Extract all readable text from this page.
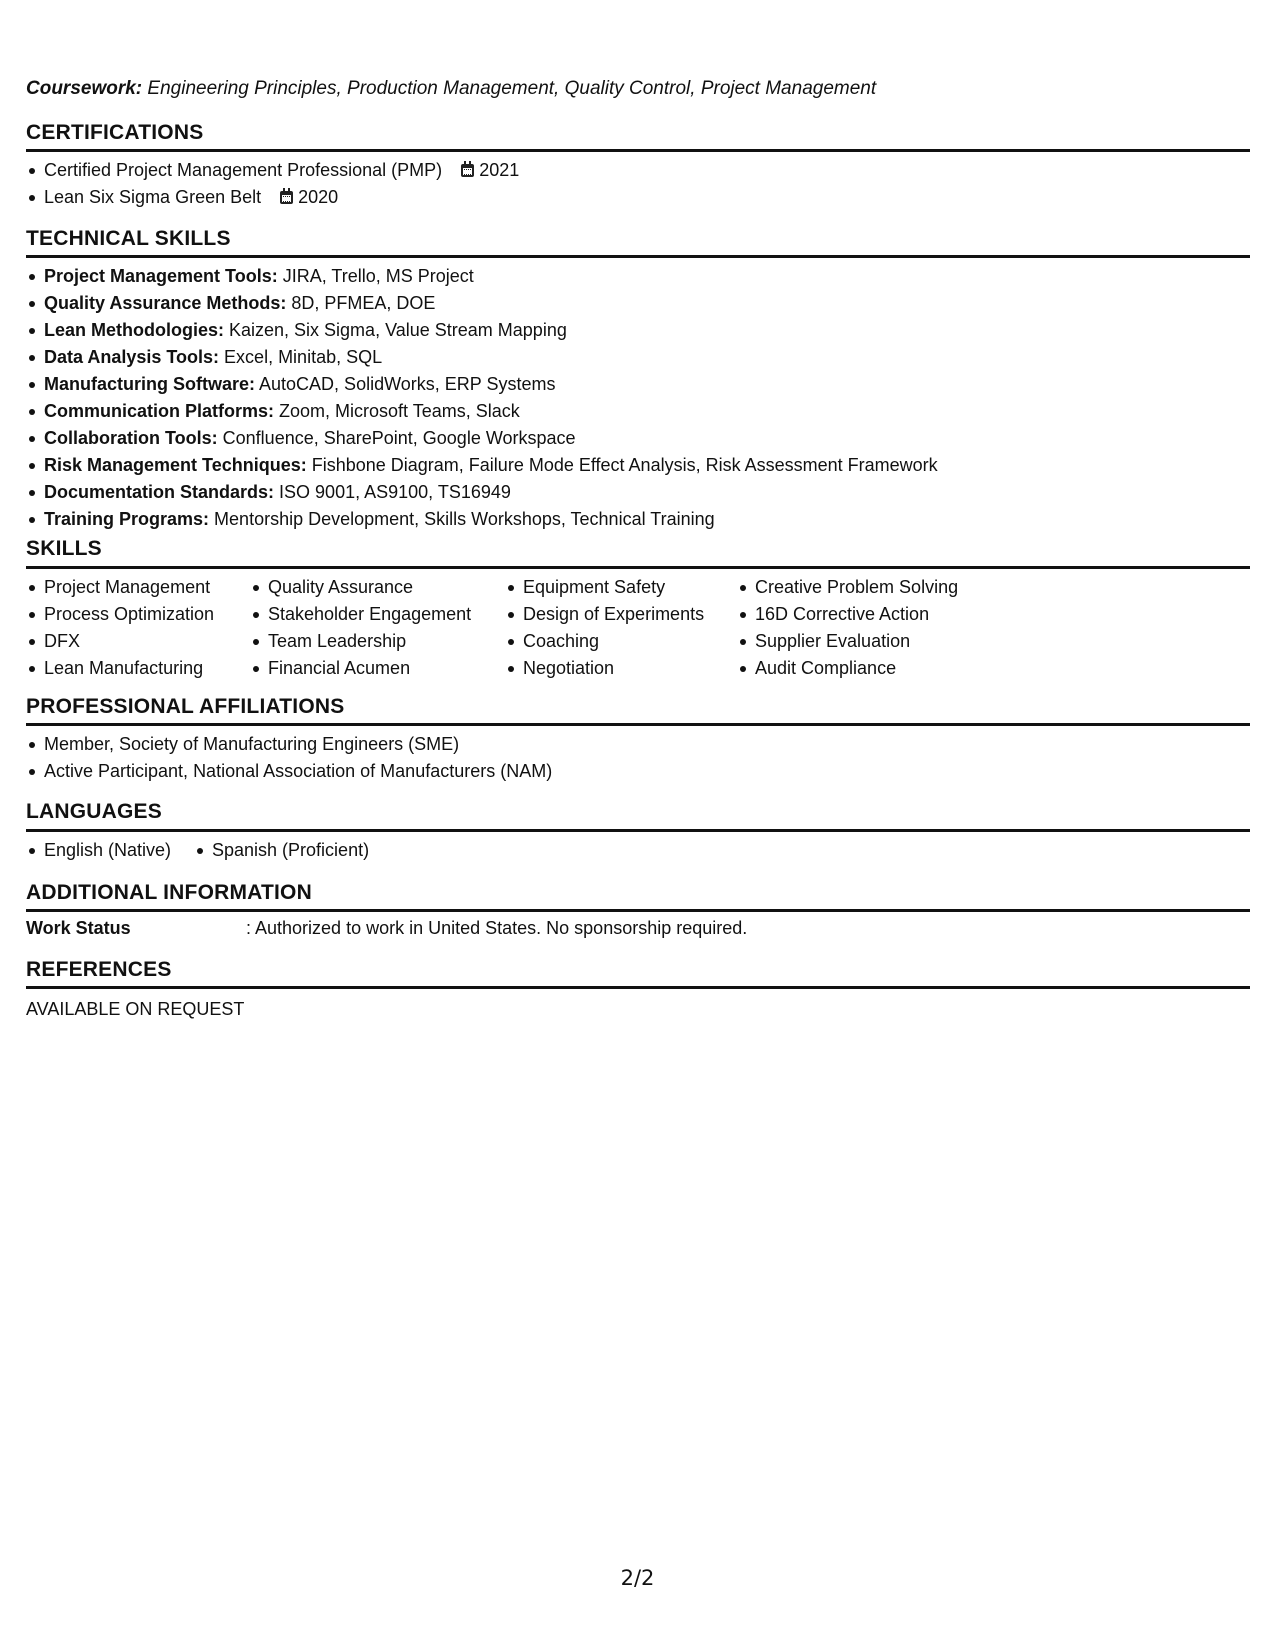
Coursework: Engineering Principles, Production Management, Quality Control, Project Management
CERTIFICATIONS
Certified Project Management Professional (PMP) 2021
Lean Six Sigma Green Belt 2020
TECHNICAL SKILLS
Project Management Tools: JIRA, Trello, MS Project
Quality Assurance Methods: 8D, PFMEA, DOE
Lean Methodologies: Kaizen, Six Sigma, Value Stream Mapping
Data Analysis Tools: Excel, Minitab, SQL
Manufacturing Software: AutoCAD, SolidWorks, ERP Systems
Communication Platforms: Zoom, Microsoft Teams, Slack
Collaboration Tools: Confluence, SharePoint, Google Workspace
Risk Management Techniques: Fishbone Diagram, Failure Mode Effect Analysis, Risk Assessment Framework
Documentation Standards: ISO 9001, AS9100, TS16949
Training Programs: Mentorship Development, Skills Workshops, Technical Training
SKILLS
Project Management
Process Optimization
DFX
Lean Manufacturing
Quality Assurance
Stakeholder Engagement
Team Leadership
Financial Acumen
Equipment Safety
Design of Experiments
Coaching
Negotiation
Creative Problem Solving
16D Corrective Action
Supplier Evaluation
Audit Compliance
PROFESSIONAL AFFILIATIONS
Member, Society of Manufacturing Engineers (SME)
Active Participant, National Association of Manufacturers (NAM)
LANGUAGES
English (Native)	Spanish (Proficient)
ADDITIONAL INFORMATION
Work Status	: Authorized to work in United States. No sponsorship required.
REFERENCES
AVAILABLE ON REQUEST
2/2
